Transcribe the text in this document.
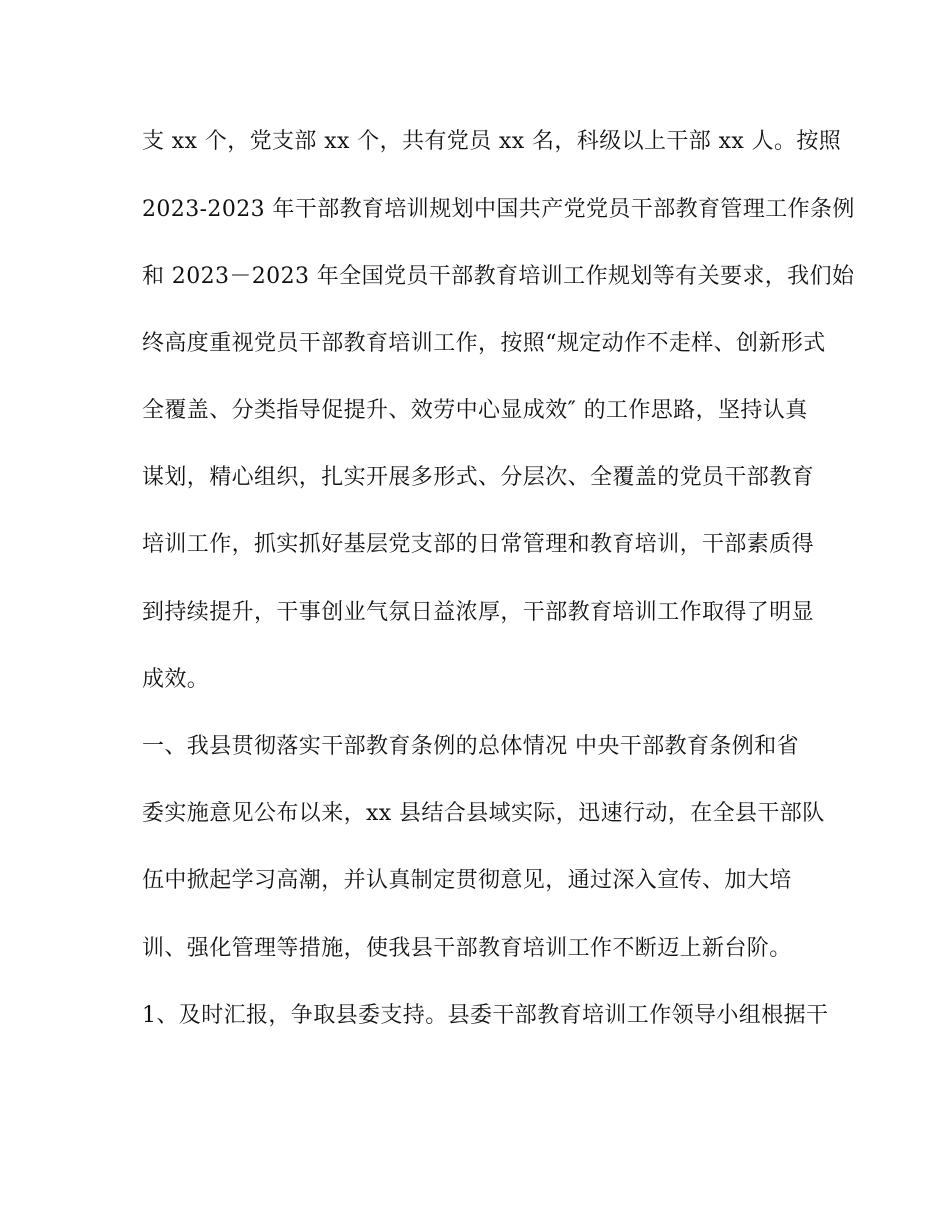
支 xx 个，党支部 xx 个，共有党员 xx 名，科级以上干部 xx 人。按照
2023-2023 年干部教育培训规划中国共产党党员干部教育管理工作条例
和 2023－2023 年全国党员干部教育培训工作规划等有关要求，我们始
终高度重视党员干部教育培训工作，按照“规定动作不走样、创新形式
全覆盖、分类指导促提升、效劳中心显成效″ 的工作思路，坚持认真
谋划，精心组织，扎实开展多形式、分层次、全覆盖的党员干部教育
培训工作，抓实抓好基层党支部的日常管理和教育培训，干部素质得
到持续提升，干事创业气氛日益浓厚，干部教育培训工作取得了明显
成效。
一、我县贯彻落实干部教育条例的总体情况 中央干部教育条例和省
委实施意见公布以来，xx 县结合县域实际，迅速行动，在全县干部队
伍中掀起学习高潮，并认真制定贯彻意见，通过深入宣传、加大培
训、强化管理等措施，使我县干部教育培训工作不断迈上新台阶。
1、及时汇报，争取县委支持。县委干部教育培训工作领导小组根据干
